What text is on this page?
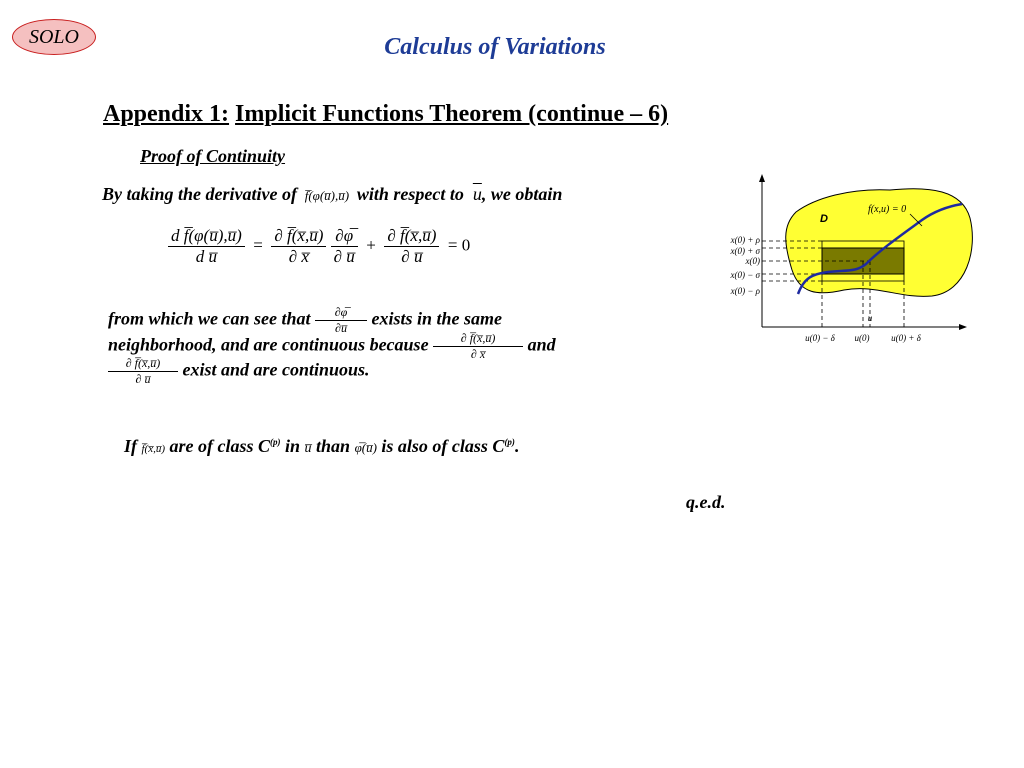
SOLO	Calculus of Variations
Appendix 1: Implicit Functions Theorem (continue – 6)
Proof of Continuity
By taking the derivative of  f̅(φ(u̅),u̅)  with respect to $\overline{u}$, we obtain
$\frac{\text{d f̅(φ(u̅),u̅)}}{\text{d u̅}} = \frac{\partial f̅(x̅,u̅)}{\partial x̅}$
$\frac{\partial\varphi̅}{\partial u̅} + \frac{\partial f̅(x̅,u̅)}{\partial u̅} = 0$
from which we can see that $\frac{\partial\varphi̅}{\partial u̅}$ exists in the same
neighborhood, and are continuous because $\frac{\partial f̅(x̅,u̅)}{\partial x̅}$ and
$\frac{\partial f̅(x̅,u̅)}{\partial u̅}$ exist and are continuous.
If f̅(x̅,u̅) are of class $C^{(p)}$ in u̅ than φ̅(u̅) is also of class $C^{(p)}$.
q.e.d.
D
f(x,u) = 0
x(0) + ρ
x(0) + σ
x(0)
x(0) − σ
x(0) − ρ
u(0) − δ u(0) u(0) + δ
u
